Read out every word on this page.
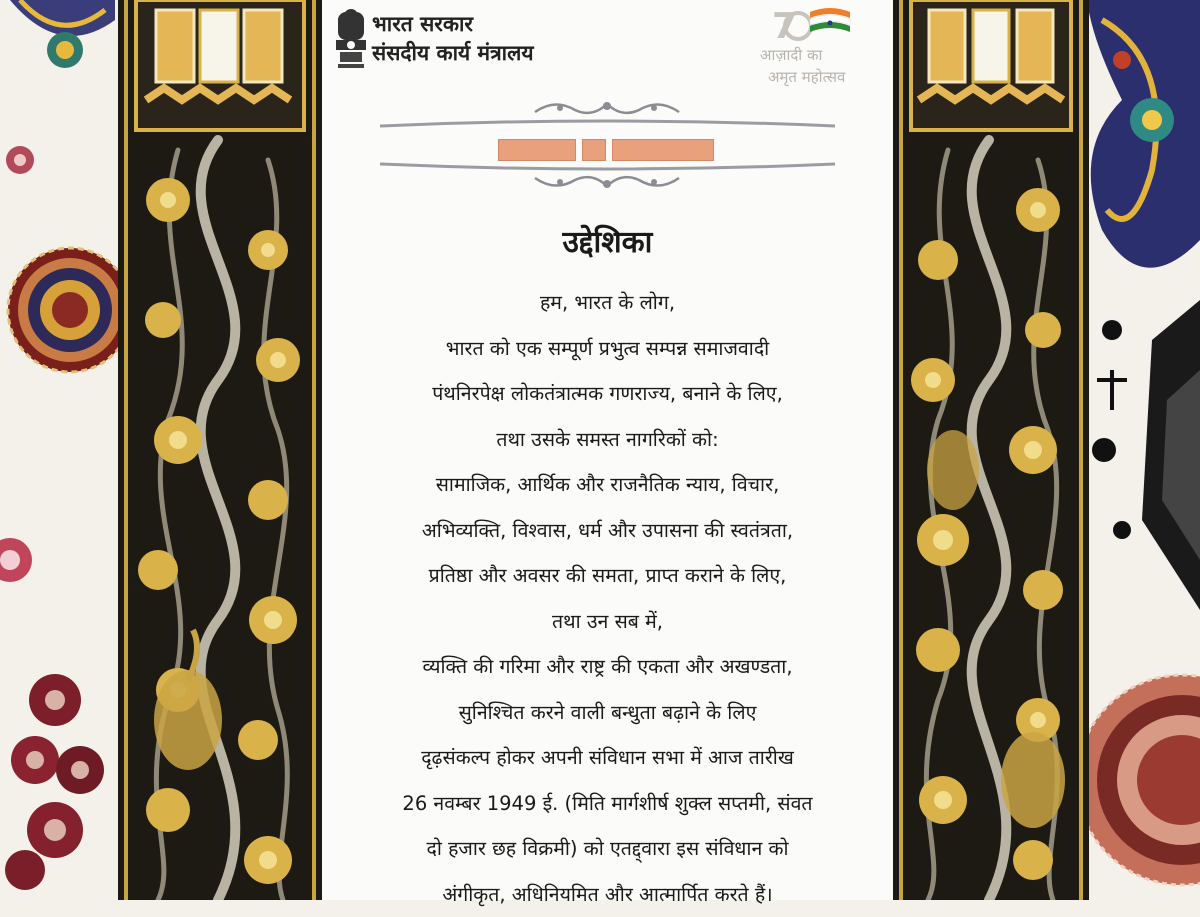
भारत सरकार
संसदीय कार्य मंत्रालय
7
आज़ादी का
अमृत महोत्सव
उद्देशिका
हम, भारत के लोग,
भारत को एक सम्पूर्ण प्रभुत्व सम्पन्न समाजवादी
पंथनिरपेक्ष लोकतंत्रात्मक गणराज्य, बनाने के लिए,
तथा उसके समस्त नागरिकों को:
सामाजिक, आर्थिक और राजनैतिक न्याय, विचार,
अभिव्यक्ति, विश्वास, धर्म और उपासना की स्वतंत्रता,
प्रतिष्ठा और अवसर की समता, प्राप्त कराने के लिए,
तथा उन सब में,
व्यक्ति की गरिमा और राष्ट्र की एकता और अखण्डता,
सुनिश्चित करने वाली बन्धुता बढ़ाने के लिए
दृढ़संकल्प होकर अपनी संविधान सभा में आज तारीख
26 नवम्बर 1949 ई. (मिति मार्गशीर्ष शुक्ल सप्तमी, संवत
दो हजार छह विक्रमी) को एतद्द्वारा इस संविधान को
अंगीकृत, अधिनियमित और आत्मार्पित करते हैं।
